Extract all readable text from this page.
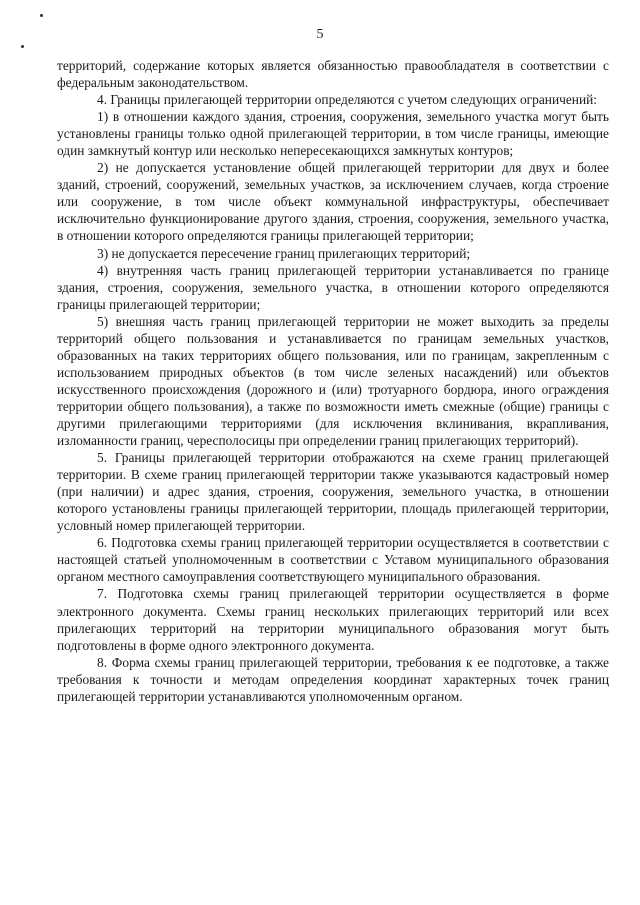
5

территорий, содержание которых является обязанностью правообладателя в соответствии с федеральным законодательством.

4. Границы прилегающей территории определяются с учетом следующих ограничений:

1) в отношении каждого здания, строения, сооружения, земельного участка могут быть установлены границы только одной прилегающей территории, в том числе границы, имеющие один замкнутый контур или несколько непересекающихся замкнутых контуров;

2) не допускается установление общей прилегающей территории для двух и более зданий, строений, сооружений, земельных участков, за исключением случаев, когда строение или сооружение, в том числе объект коммунальной инфраструктуры, обеспечивает исключительно функционирование другого здания, строения, сооружения, земельного участка, в отношении которого определяются границы прилегающей территории;

3) не допускается пересечение границ прилегающих территорий;

4) внутренняя часть границ прилегающей территории устанавливается по границе здания, строения, сооружения, земельного участка, в отношении которого определяются границы прилегающей территории;

5) внешняя часть границ прилегающей территории не может выходить за пределы территорий общего пользования и устанавливается по границам земельных участков, образованных на таких территориях общего пользования, или по границам, закрепленным с использованием природных объектов (в том числе зеленых насаждений) или объектов искусственного происхождения (дорожного и (или) тротуарного бордюра, иного ограждения территории общего пользования), а также по возможности иметь смежные (общие) границы с другими прилегающими территориями (для исключения вклинивания, вкрапливания, изломанности границ, чересполосицы при определении границ прилегающих территорий).

5. Границы прилегающей территории отображаются на схеме границ прилегающей территории. В схеме границ прилегающей территории также указываются кадастровый номер (при наличии) и адрес здания, строения, сооружения, земельного участка, в отношении которого установлены границы прилегающей территории, площадь прилегающей территории, условный номер прилегающей территории.

6. Подготовка схемы границ прилегающей территории осуществляется в соответствии с настоящей статьей уполномоченным в соответствии с Уставом муниципального образования органом местного самоуправления соответствующего муниципального образования.

7. Подготовка схемы границ прилегающей территории осуществляется в форме электронного документа. Схемы границ нескольких прилегающих территорий или всех прилегающих территорий на территории муниципального образования могут быть подготовлены в форме одного электронного документа.

8. Форма схемы границ прилегающей территории, требования к ее подготовке, а также требования к точности и методам определения координат характерных точек границ прилегающей территории устанавливаются уполномоченным органом.
